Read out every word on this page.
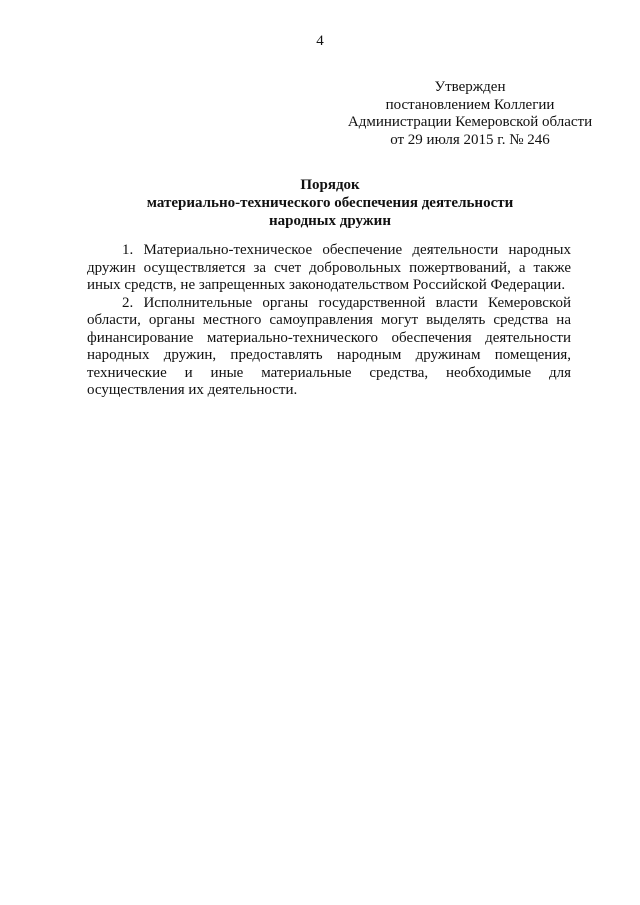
4
Утвержден
постановлением Коллегии
Администрации Кемеровской области
от 29 июля 2015 г. № 246
Порядок
материально-технического обеспечения деятельности
народных дружин

1. Материально-техническое обеспечение деятельности народных дружин осуществляется за счет добровольных пожертвований, а также иных средств, не запрещенных законодательством Российской Федерации.

2. Исполнительные органы государственной власти Кемеровской области, органы местного самоуправления могут выделять средства на финансирование материально-технического обеспечения деятельности народных дружин, предоставлять народным дружинам помещения, технические и иные материальные средства, необходимые для осуществления их деятельности.
